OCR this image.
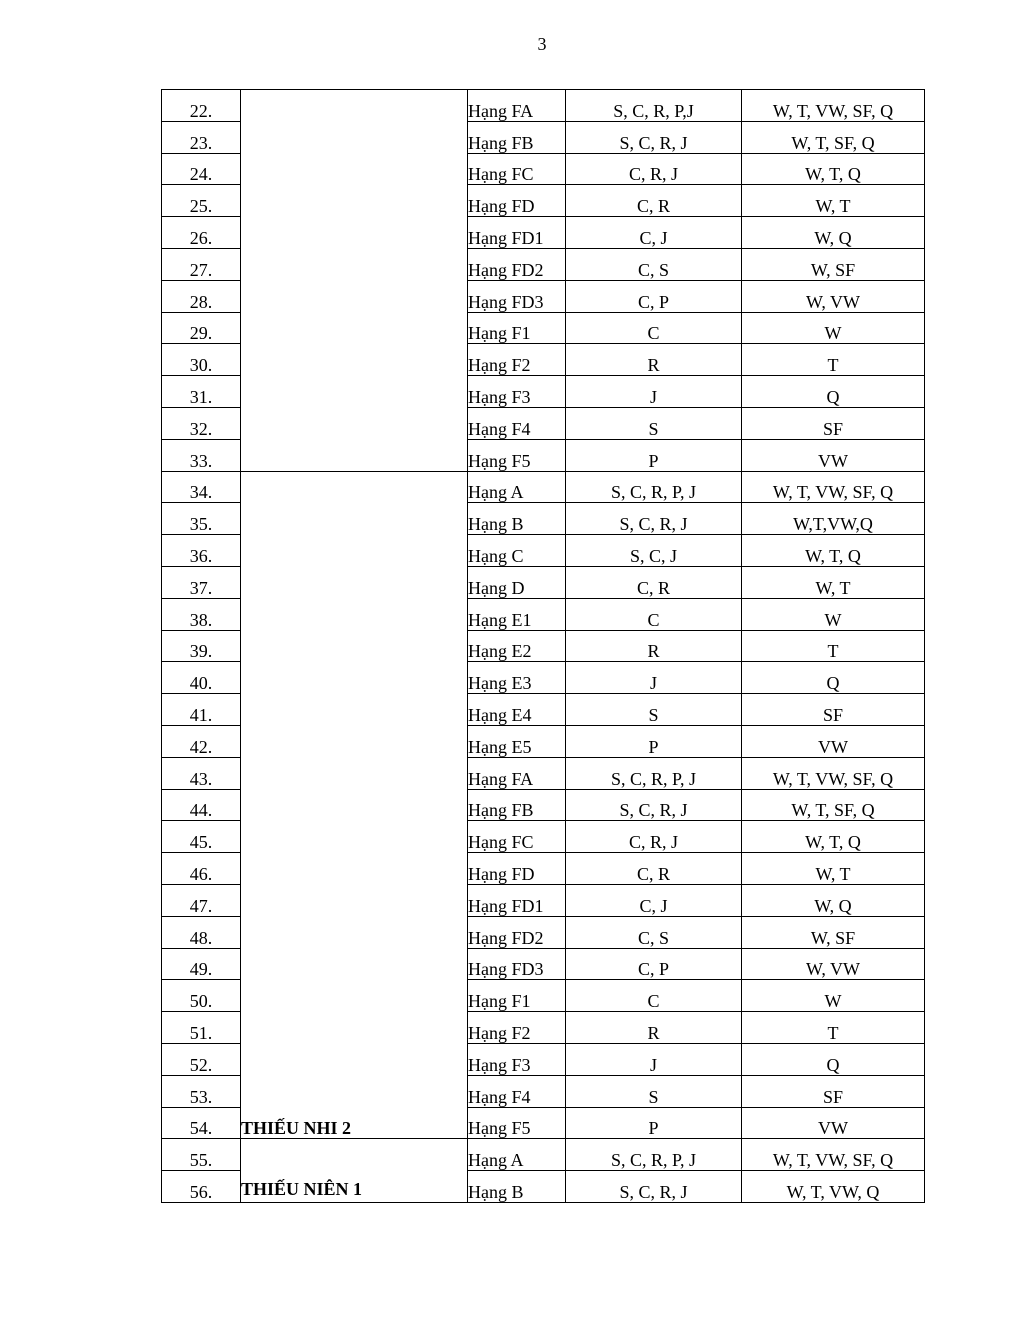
3
22.		Hạng FA	S, C, R, P,J	W, T, VW, SF, Q
23.		Hạng FB	S, C, R, J	W, T, SF, Q
24.		Hạng FC	C, R, J	W, T, Q
25.		Hạng FD	C, R	W, T
26.		Hạng FD1	C, J	W, Q
27.		Hạng FD2	C, S	W, SF
28.		Hạng FD3	C, P	W, VW
29.		Hạng F1	C	W
30.		Hạng F2	R	T
31.		Hạng F3	J	Q
32.		Hạng F4	S	SF
33.		Hạng F5	P	VW
34.	THIẾU NHI 2	Hạng A	S, C, R, P, J	W, T, VW, SF, Q
35.		Hạng B	S, C, R, J	W,T,VW,Q
36.		Hạng C	S, C, J	W, T, Q
37.		Hạng D	C, R	W, T
38.		Hạng E1	C	W
39.		Hạng E2	R	T
40.		Hạng E3	J	Q
41.		Hạng E4	S	SF
42.		Hạng E5	P	VW
43.		Hạng FA	S, C, R, P, J	W, T, VW, SF, Q
44.		Hạng FB	S, C, R, J	W, T, SF, Q
45.		Hạng FC	C, R, J	W, T, Q
46.		Hạng FD	C, R	W, T
47.		Hạng FD1	C, J	W, Q
48.		Hạng FD2	C, S	W, SF
49.		Hạng FD3	C, P	W, VW
50.		Hạng F1	C	W
51.		Hạng F2	R	T
52.		Hạng F3	J	Q
53.		Hạng F4	S	SF
54.		Hạng F5	P	VW
55.	THIẾU NIÊN 1	Hạng A	S, C, R, P, J	W, T, VW, SF, Q
56.		Hạng B	S, C, R, J	W, T, VW, Q
